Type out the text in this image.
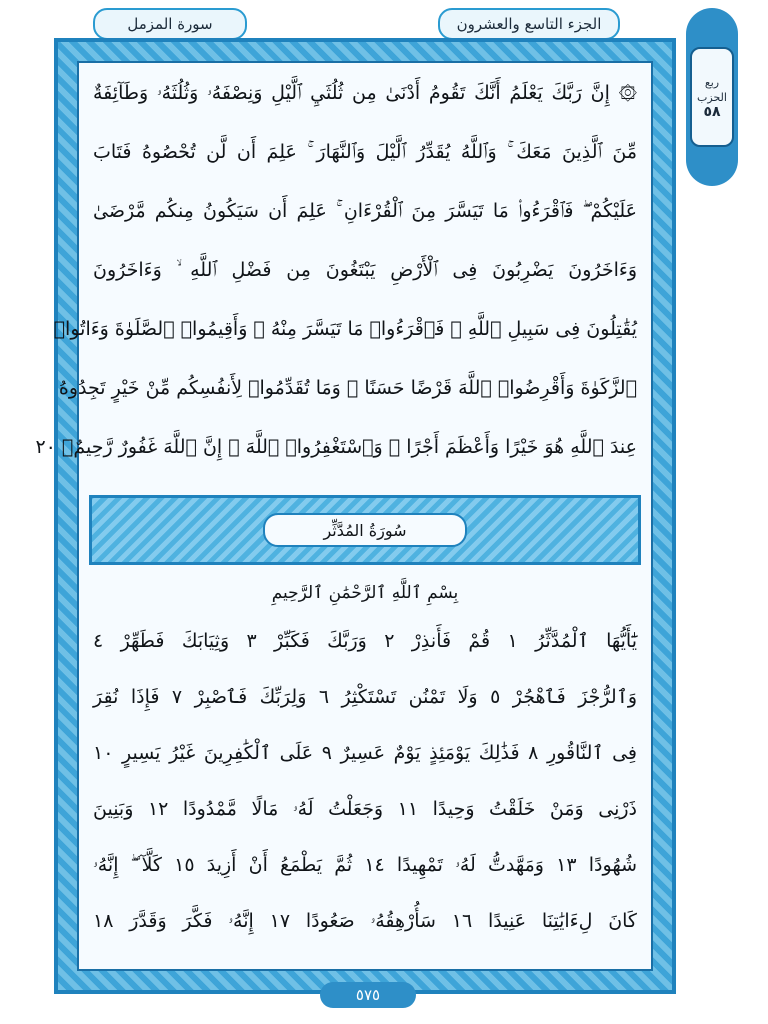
سورة المزمل	الجزء التاسع والعشرون
ربع
الحزب
٥٨
۞ إِنَّ رَبَّكَ يَعْلَمُ أَنَّكَ تَقُومُ أَدْنَىٰ مِن ثُلُثَيِ ٱلَّيْلِ وَنِصْفَهُۥ وَثُلُثَهُۥ وَطَآئِفَةٌ
مِّنَ ٱلَّذِينَ مَعَكَ ۚ وَٱللَّهُ يُقَدِّرُ ٱلَّيْلَ وَٱلنَّهَارَ ۚ عَلِمَ أَن لَّن تُحْصُوهُ فَتَابَ
عَلَيْكُمْ ۖ فَٱقْرَءُوا۟ مَا تَيَسَّرَ مِنَ ٱلْقُرْءَانِ ۚ عَلِمَ أَن سَيَكُونُ مِنكُم مَّرْضَىٰ
وَءَاخَرُونَ يَضْرِبُونَ فِى ٱلْأَرْضِ يَبْتَغُونَ مِن فَضْلِ ٱللَّهِ ۙ وَءَاخَرُونَ
يُقَٰتِلُونَ فِى سَبِيلِ ٱللَّهِ ۖ فَٱقْرَءُوا۟ مَا تَيَسَّرَ مِنْهُ ۚ وَأَقِيمُوا۟ ٱلصَّلَوٰةَ وَءَاتُوا۟
ٱلزَّكَوٰةَ وَأَقْرِضُوا۟ ٱللَّهَ قَرْضًا حَسَنًا ۚ وَمَا تُقَدِّمُوا۟ لِأَنفُسِكُم مِّنْ خَيْرٍ تَجِدُوهُ
عِندَ ٱللَّهِ هُوَ خَيْرًا وَأَعْظَمَ أَجْرًا ۚ وَٱسْتَغْفِرُوا۟ ٱللَّهَ ۖ إِنَّ ٱللَّهَ غَفُورٌ رَّحِيمٌۢ ٢٠
سُورَةُ المُدَّثِّر
بِسْمِ ٱللَّهِ ٱلرَّحْمَٰنِ ٱلرَّحِيمِ
يَٰٓأَيُّهَا ٱلْمُدَّثِّرُ ١ قُمْ فَأَنذِرْ ٢ وَرَبَّكَ فَكَبِّرْ ٣ وَثِيَابَكَ فَطَهِّرْ ٤
وَٱلرُّجْزَ فَٱهْجُرْ ٥ وَلَا تَمْنُن تَسْتَكْثِرُ ٦ وَلِرَبِّكَ فَٱصْبِرْ ٧ فَإِذَا نُقِرَ
فِى ٱلنَّاقُورِ ٨ فَذَٰلِكَ يَوْمَئِذٍ يَوْمٌ عَسِيرٌ ٩ عَلَى ٱلْكَٰفِرِينَ غَيْرُ يَسِيرٍ ١٠
ذَرْنِى وَمَنْ خَلَقْتُ وَحِيدًا ١١ وَجَعَلْتُ لَهُۥ مَالًا مَّمْدُودًا ١٢ وَبَنِينَ
شُهُودًا ١٣ وَمَهَّدتُّ لَهُۥ تَمْهِيدًا ١٤ ثُمَّ يَطْمَعُ أَنْ أَزِيدَ ١٥ كَلَّآ ۖ إِنَّهُۥ
كَانَ لِءَايَٰتِنَا عَنِيدًا ١٦ سَأُرْهِقُهُۥ صَعُودًا ١٧ إِنَّهُۥ فَكَّرَ وَقَدَّرَ ١٨
٥٧٥
